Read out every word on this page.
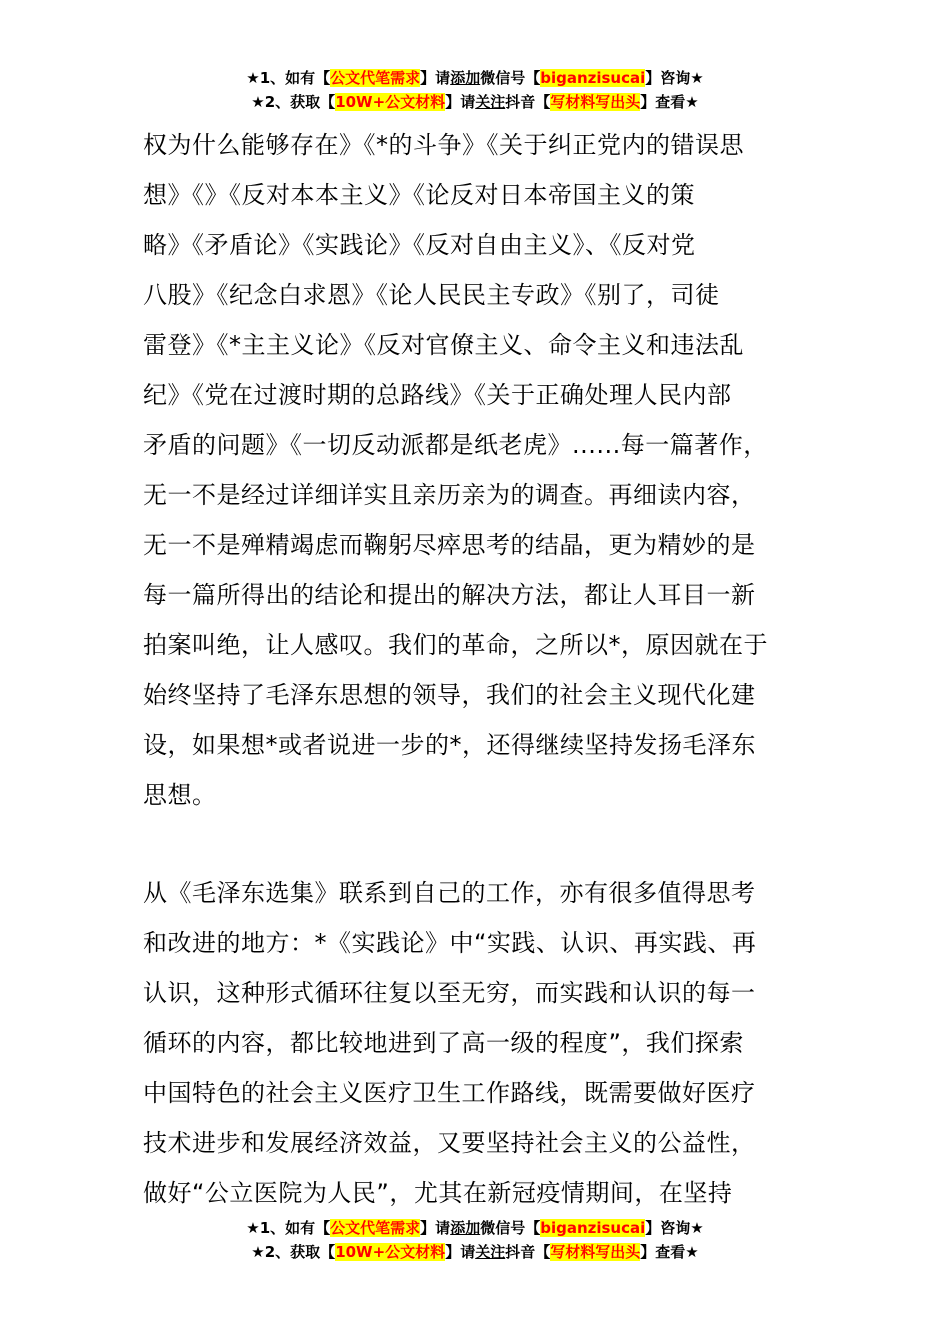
★1、如有【公文代笔需求】请添加微信号【biganzisucai】咨询★
★2、获取【10W+公文材料】请关注抖音【写材料写出头】查看★
权为什么能够存在》《*的斗争》《关于纠正党内的错误思
想》《》《反对本本主义》《论反对日本帝国主义的策
略》《矛盾论》《实践论》《反对自由主义》、《反对党
八股》《纪念白求恩》《论人民民主专政》《别了，司徒
雷登》《*主主义论》《反对官僚主义、命令主义和违法乱
纪》《党在过渡时期的总路线》《关于正确处理人民内部
矛盾的问题》《一切反动派都是纸老虎》......每一篇著作，
无一不是经过详细详实且亲历亲为的调查。再细读内容，
无一不是殚精竭虑而鞠躬尽瘁思考的结晶，更为精妙的是
每一篇所得出的结论和提出的解决方法，都让人耳目一新
拍案叫绝，让人感叹。我们的革命，之所以*，原因就在于
始终坚持了毛泽东思想的领导，我们的社会主义现代化建
设，如果想*或者说进一步的*，还得继续坚持发扬毛泽东
思想。
从《毛泽东选集》联系到自己的工作，亦有很多值得思考
和改进的地方：*《实践论》中“实践、认识、再实践、再
认识，这种形式循环往复以至无穷，而实践和认识的每一
循环的内容，都比较地进到了高一级的程度”，我们探索
中国特色的社会主义医疗卫生工作路线，既需要做好医疗
技术进步和发展经济效益，又要坚持社会主义的公益性，
做好“公立医院为人民”，尤其在新冠疫情期间，在坚持
★1、如有【公文代笔需求】请添加微信号【biganzisucai】咨询★
★2、获取【10W+公文材料】请关注抖音【写材料写出头】查看★
